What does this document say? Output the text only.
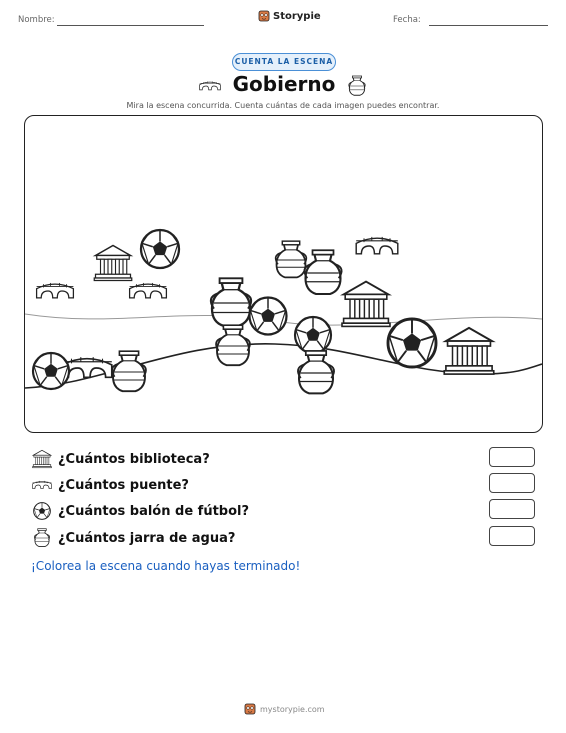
Nombre:	Storypie	Fecha:
CUENTA LA ESCENA
Gobierno
Mira la escena concurrida. Cuenta cuántas de cada imagen puedes encontrar.
¿Cuántos biblioteca?
¿Cuántos puente?
¿Cuántos balón de fútbol?
¿Cuántos jarra de agua?
¡Colorea la escena cuando hayas terminado!
mystorypie.com
